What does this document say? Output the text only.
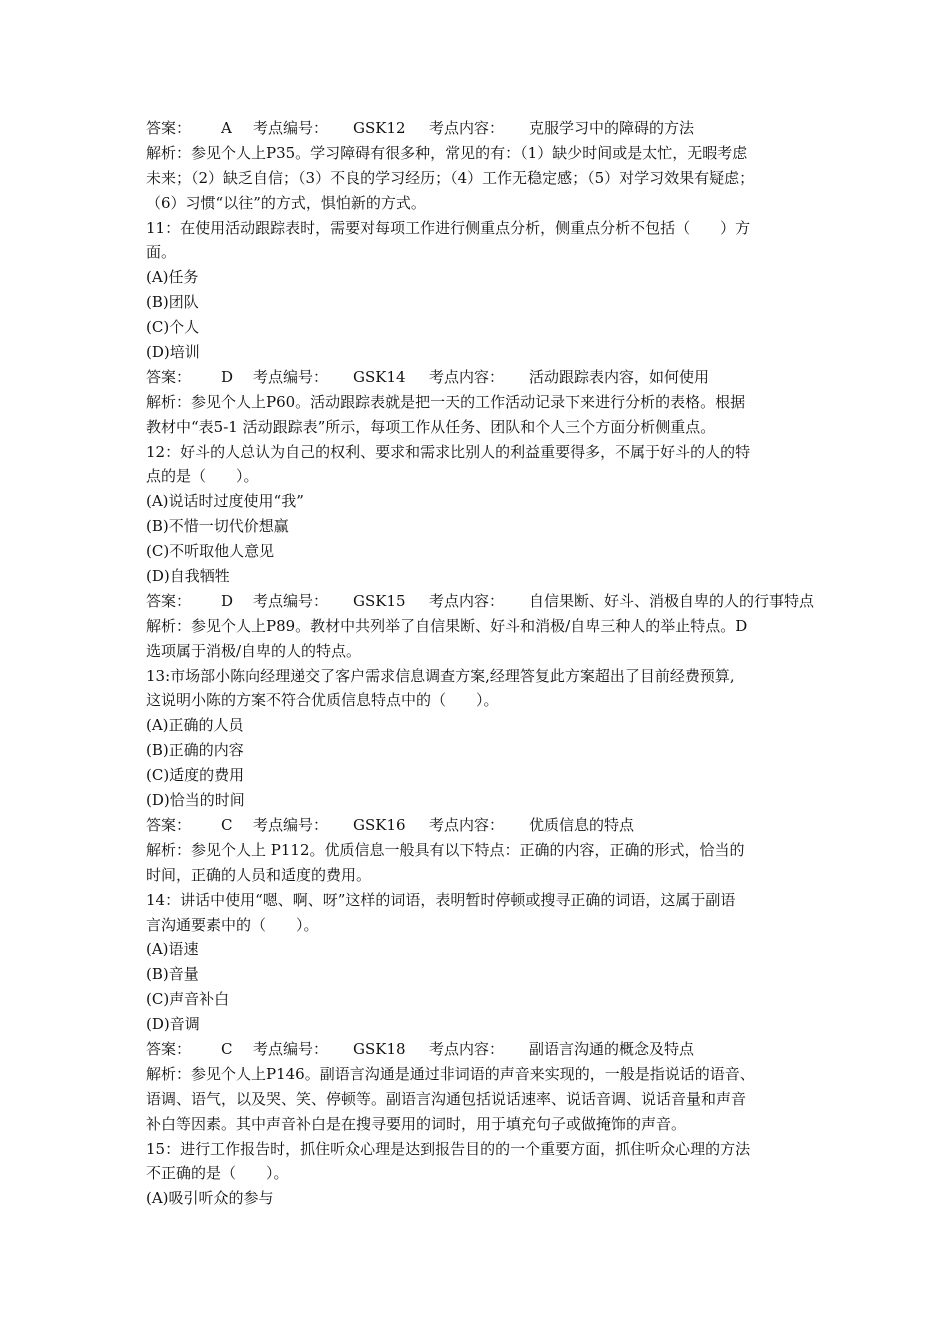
答案： A 考点编号： GSK12 考点内容： 克服学习中的障碍的方法
解析：参见个人上P35。学习障碍有很多种，常见的有：（1）缺少时间或是太忙，无暇考虑
未来；（2）缺乏自信；（3）不良的学习经历；（4）工作无稳定感；（5）对学习效果有疑虑；
（6）习惯“以往”的方式，惧怕新的方式。
11：在使用活动跟踪表时，需要对每项工作进行侧重点分析，侧重点分析不包括（　　）方
面。
(A)任务
(B)团队
(C)个人
(D)培训
答案： D 考点编号： GSK14 考点内容： 活动跟踪表内容，如何使用
解析：参见个人上P60。活动跟踪表就是把一天的工作活动记录下来进行分析的表格。根据
教材中“表5-1 活动跟踪表”所示，每项工作从任务、团队和个人三个方面分析侧重点。
12：好斗的人总认为自己的权利、要求和需求比别人的利益重要得多，不属于好斗的人的特
点的是（　　）。
(A)说话时过度使用“我”
(B)不惜一切代价想赢
(C)不听取他人意见
(D)自我牺牲
答案： D 考点编号： GSK15 考点内容： 自信果断、好斗、消极自卑的人的行事特点
解析：参见个人上P89。教材中共列举了自信果断、好斗和消极/自卑三种人的举止特点。D
选项属于消极/自卑的人的特点。
13:市场部小陈向经理递交了客户需求信息调查方案,经理答复此方案超出了目前经费预算,
这说明小陈的方案不符合优质信息特点中的（　　）。
(A)正确的人员
(B)正确的内容
(C)适度的费用
(D)恰当的时间
答案： C 考点编号： GSK16 考点内容： 优质信息的特点
解析：参见个人上 P112。优质信息一般具有以下特点：正确的内容，正确的形式，恰当的
时间，正确的人员和适度的费用。
14：讲话中使用“嗯、啊、呀”这样的词语，表明暂时停顿或搜寻正确的词语，这属于副语
言沟通要素中的（　　）。
(A)语速
(B)音量
(C)声音补白
(D)音调
答案： C 考点编号： GSK18 考点内容： 副语言沟通的概念及特点
解析：参见个人上P146。副语言沟通是通过非词语的声音来实现的，一般是指说话的语音、
语调、语气，以及哭、笑、停顿等。副语言沟通包括说话速率、说话音调、说话音量和声音
补白等因素。其中声音补白是在搜寻要用的词时，用于填充句子或做掩饰的声音。
15：进行工作报告时，抓住听众心理是达到报告目的的一个重要方面，抓住听众心理的方法
不正确的是（　　）。
(A)吸引听众的参与
